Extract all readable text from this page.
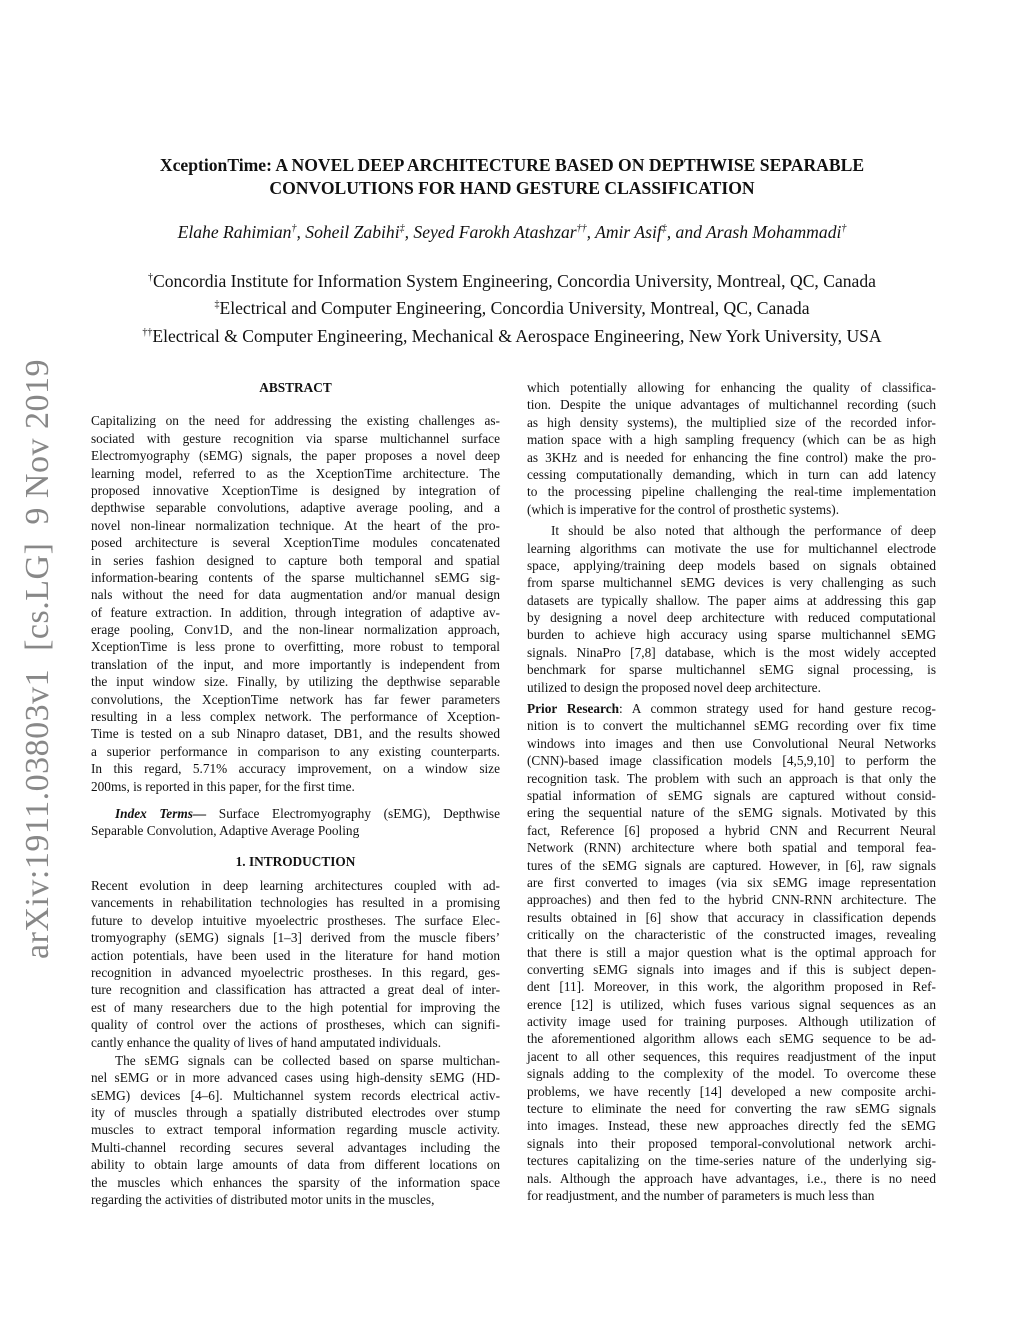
arXiv:1911.03803v1  [cs.LG]  9 Nov 2019
XceptionTime: A NOVEL DEEP ARCHITECTURE BASED ON DEPTHWISE SEPARABLE
CONVOLUTIONS FOR HAND GESTURE CLASSIFICATION
Elahe Rahimian†, Soheil Zabihi‡, Seyed Farokh Atashzar††, Amir Asif‡, and Arash Mohammadi†
†Concordia Institute for Information System Engineering, Concordia University, Montreal, QC, Canada
‡Electrical and Computer Engineering, Concordia University, Montreal, QC, Canada
††Electrical & Computer Engineering, Mechanical & Aerospace Engineering, New York University, USA
ABSTRACT
Capitalizing on the need for addressing the existing challenges as-
sociated with gesture recognition via sparse multichannel surface
Electromyography (sEMG) signals, the paper proposes a novel deep
learning model, referred to as the XceptionTime architecture. The
proposed innovative XceptionTime is designed by integration of
depthwise separable convolutions, adaptive average pooling, and a
novel non-linear normalization technique. At the heart of the pro-
posed architecture is several XceptionTime modules concatenated
in series fashion designed to capture both temporal and spatial
information-bearing contents of the sparse multichannel sEMG sig-
nals without the need for data augmentation and/or manual design
of feature extraction. In addition, through integration of adaptive av-
erage pooling, Conv1D, and the non-linear normalization approach,
XceptionTime is less prone to overfitting, more robust to temporal
translation of the input, and more importantly is independent from
the input window size. Finally, by utilizing the depthwise separable
convolutions, the XceptionTime network has far fewer parameters
resulting in a less complex network. The performance of Xception-
Time is tested on a sub Ninapro dataset, DB1, and the results showed
a superior performance in comparison to any existing counterparts.
In this regard, 5.71% accuracy improvement, on a window size
200ms, is reported in this paper, for the first time.
Index Terms— Surface Electromyography (sEMG), Depthwise
Separable Convolution, Adaptive Average Pooling
1. INTRODUCTION
Recent evolution in deep learning architectures coupled with ad-
vancements in rehabilitation technologies has resulted in a promising
future to develop intuitive myoelectric prostheses. The surface Elec-
tromyography (sEMG) signals [1–3] derived from the muscle fibers’
action potentials, have been used in the literature for hand motion
recognition in advanced myoelectric prostheses. In this regard, ges-
ture recognition and classification has attracted a great deal of inter-
est of many researchers due to the high potential for improving the
quality of control over the actions of prostheses, which can signifi-
cantly enhance the quality of lives of hand amputated individuals.
The sEMG signals can be collected based on sparse multichan-
nel sEMG or in more advanced cases using high-density sEMG (HD-
sEMG) devices [4–6]. Multichannel system records electrical activ-
ity of muscles through a spatially distributed electrodes over stump
muscles to extract temporal information regarding muscle activity.
Multi-channel recording secures several advantages including the
ability to obtain large amounts of data from different locations on
the muscles which enhances the sparsity of the information space
regarding the activities of distributed motor units in the muscles,
which potentially allowing for enhancing the quality of classifica-
tion. Despite the unique advantages of multichannel recording (such
as high density systems), the multiplied size of the recorded infor-
mation space with a high sampling frequency (which can be as high
as 3KHz and is needed for enhancing the fine control) make the pro-
cessing computationally demanding, which in turn can add latency
to the processing pipeline challenging the real-time implementation
(which is imperative for the control of prosthetic systems).
It should be also noted that although the performance of deep
learning algorithms can motivate the use for multichannel electrode
space, applying/training deep models based on signals obtained
from sparse multichannel sEMG devices is very challenging as such
datasets are typically shallow. The paper aims at addressing this gap
by designing a novel deep architecture with reduced computational
burden to achieve high accuracy using sparse multichannel sEMG
signals. NinaPro [7,8] database, which is the most widely accepted
benchmark for sparse multichannel sEMG signal processing, is
utilized to design the proposed novel deep architecture.
Prior Research: A common strategy used for hand gesture recog-
nition is to convert the multichannel sEMG recording over fix time
windows into images and then use Convolutional Neural Networks
(CNN)-based image classification models [4,5,9,10] to perform the
recognition task. The problem with such an approach is that only the
spatial information of sEMG signals are captured without consid-
ering the sequential nature of the sEMG signals. Motivated by this
fact, Reference [6] proposed a hybrid CNN and Recurrent Neural
Network (RNN) architecture where both spatial and temporal fea-
tures of the sEMG signals are captured. However, in [6], raw signals
are first converted to images (via six sEMG image representation
approaches) and then fed to the hybrid CNN-RNN architecture. The
results obtained in [6] show that accuracy in classification depends
critically on the characteristic of the constructed images, revealing
that there is still a major question what is the optimal approach for
converting sEMG signals into images and if this is subject depen-
dent [11]. Moreover, in this work, the algorithm proposed in Ref-
erence [12] is utilized, which fuses various signal sequences as an
activity image used for training purposes. Although utilization of
the aforementioned algorithm allows each sEMG sequence to be ad-
jacent to all other sequences, this requires readjustment of the input
signals adding to the complexity of the model. To overcome these
problems, we have recently [14] developed a new composite archi-
tecture to eliminate the need for converting the raw sEMG signals
into images. Instead, these new approaches directly fed the sEMG
signals into their proposed temporal-convolutional network archi-
tectures capitalizing on the time-series nature of the underlying sig-
nals. Although the approach have advantages, i.e., there is no need
for readjustment, and the number of parameters is much less than
